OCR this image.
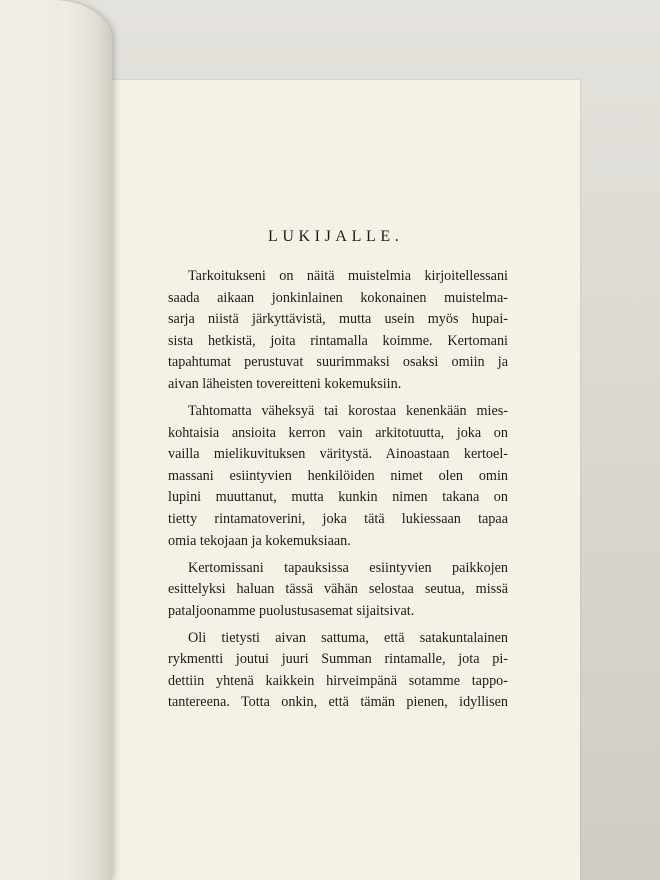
LUKIJALLE.
Tarkoitukseni on näitä muistelmia kirjoitellessani
saada aikaan jonkinlainen kokonainen muistelma-
sarja niistä järkyttävistä, mutta usein myös hupai-
sista hetkistä, joita rintamalla koimme. Kertomani
tapahtumat perustuvat suurimmaksi osaksi omiin ja
aivan läheisten tovereitteni kokemuksiin.
Tahtomatta väheksyä tai korostaa kenenkään mies-
kohtaisia ansioita kerron vain arkitotuutta, joka on
vailla mielikuvituksen väritystä. Ainoastaan kertoel-
massani esiintyvien henkilöiden nimet olen omin
lupini muuttanut, mutta kunkin nimen takana on
tietty rintamatoverini, joka tätä lukiessaan tapaa
omia tekojaan ja kokemuksiaan.
Kertomissani tapauksissa esiintyvien paikkojen
esittelyksi haluan tässä vähän selostaa seutua, missä
pataljoonamme puolustusasemat sijaitsivat.
Oli tietysti aivan sattuma, että satakuntalainen
rykmentti joutui juuri Summan rintamalle, jota pi-
dettiin yhtenä kaikkein hirveimpänä sotamme tappo-
tantereena. Totta onkin, että tämän pienen, idyllisen
